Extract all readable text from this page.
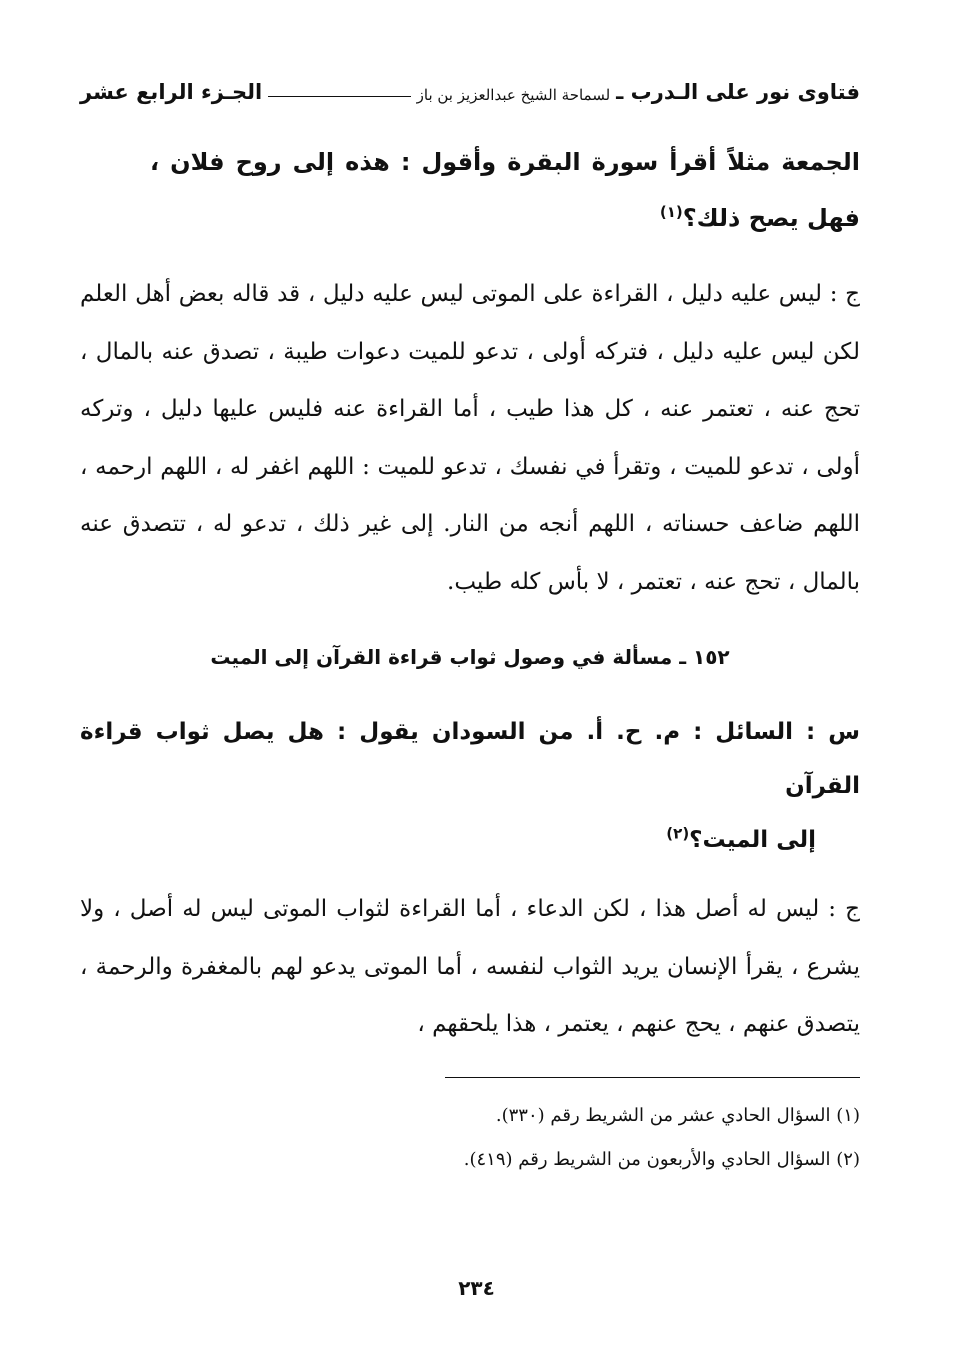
فتاوى نور على الـدرب ـ
لسماحة الشيخ عبدالعزيز بن باز
الجـزء الرابع عشر
الجمعة مثلاً أقرأ سورة البقرة وأقول : هذه إلى روح فلان ، فهل يصح ذلك؟$^{(١)}$

ج : ليس عليه دليل ، القراءة على الموتى ليس عليه دليل ، قد قاله بعض أهل العلم لكن ليس عليه دليل ، فتركه أولى ، تدعو للميت دعوات طيبة ، تصدق عنه بالمال ، تحج عنه ، تعتمر عنه ، كل هذا طيب ، أما القراءة عنه فليس عليها دليل ، وتركه أولى ، تدعو للميت ، وتقرأ في نفسك ، تدعو للميت : اللهم اغفر له ، اللهم ارحمه ، اللهم ضاعف حسناته ، اللهم أنجه من النار. إلى غير ذلك ، تدعو له ، تتصدق عنه بالمال ، تحج عنه ، تعتمر ، لا بأس كله طيب.

١٥٢ ـ مسألة في وصول ثواب قراءة القرآن إلى الميت
س : السائل : م. ح. أ. من السودان يقول : هل يصل ثواب قراءة القرآن
إلى الميت؟$^{(٢)}$

ج : ليس له أصل هذا ، لكن الدعاء ، أما القراءة لثواب الموتى ليس له أصل ، ولا يشرع ، يقرأ الإنسان يريد الثواب لنفسه ، أما الموتى يدعو لهم بالمغفرة والرحمة ، يتصدق عنهم ، يحج عنهم ، يعتمر ، هذا يلحقهم ،

(١) السؤال الحادي عشر من الشريط رقم (٣٣٠).
(٢) السؤال الحادي والأربعون من الشريط رقم (٤١٩).
٢٣٤
